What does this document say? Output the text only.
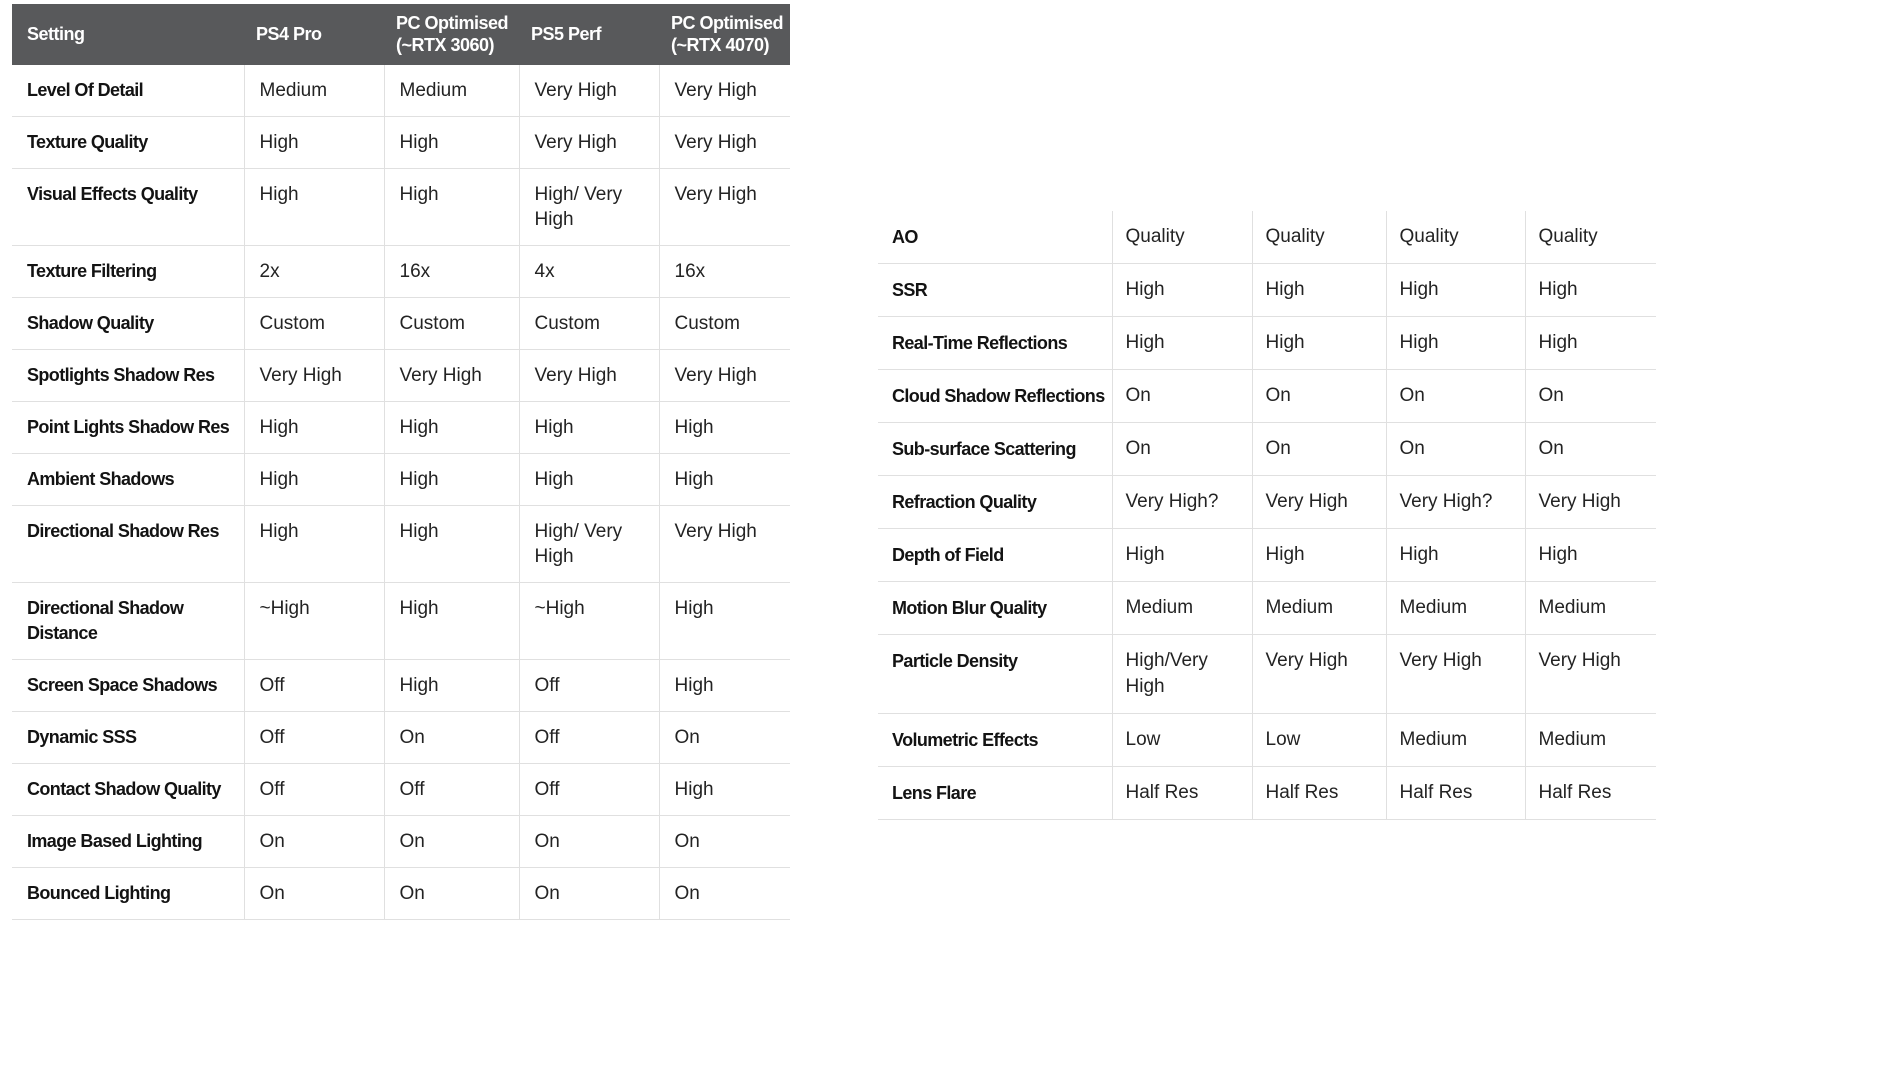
Setting	PS4 Pro	PC Optimised (~RTX 3060)	PS5 Perf	PC Optimised (~RTX 4070)
Level Of Detail	Medium	Medium	Very High	Very High
Texture Quality	High	High	Very High	Very High
Visual Effects Quality	High	High	High/ Very High	Very High
Texture Filtering	2x	16x	4x	16x
Shadow Quality	Custom	Custom	Custom	Custom
Spotlights Shadow Res	Very High	Very High	Very High	Very High
Point Lights Shadow Res	High	High	High	High
Ambient Shadows	High	High	High	High
Directional Shadow Res	High	High	High/ Very High	Very High
Directional Shadow Distance	~High	High	~High	High
Screen Space Shadows	Off	High	Off	High
Dynamic SSS	Off	On	Off	On
Contact Shadow Quality	Off	Off	Off	High
Image Based Lighting	On	On	On	On
Bounced Lighting	On	On	On	On
AO	Quality	Quality	Quality	Quality
SSR	High	High	High	High
Real-Time Reflections	High	High	High	High
Cloud Shadow Reflections	On	On	On	On
Sub-surface Scattering	On	On	On	On
Refraction Quality	Very High?	Very High	Very High?	Very High
Depth of Field	High	High	High	High
Motion Blur Quality	Medium	Medium	Medium	Medium
Particle Density	High/Very High	Very High	Very High	Very High
Volumetric Effects	Low	Low	Medium	Medium
Lens Flare	Half Res	Half Res	Half Res	Half Res
